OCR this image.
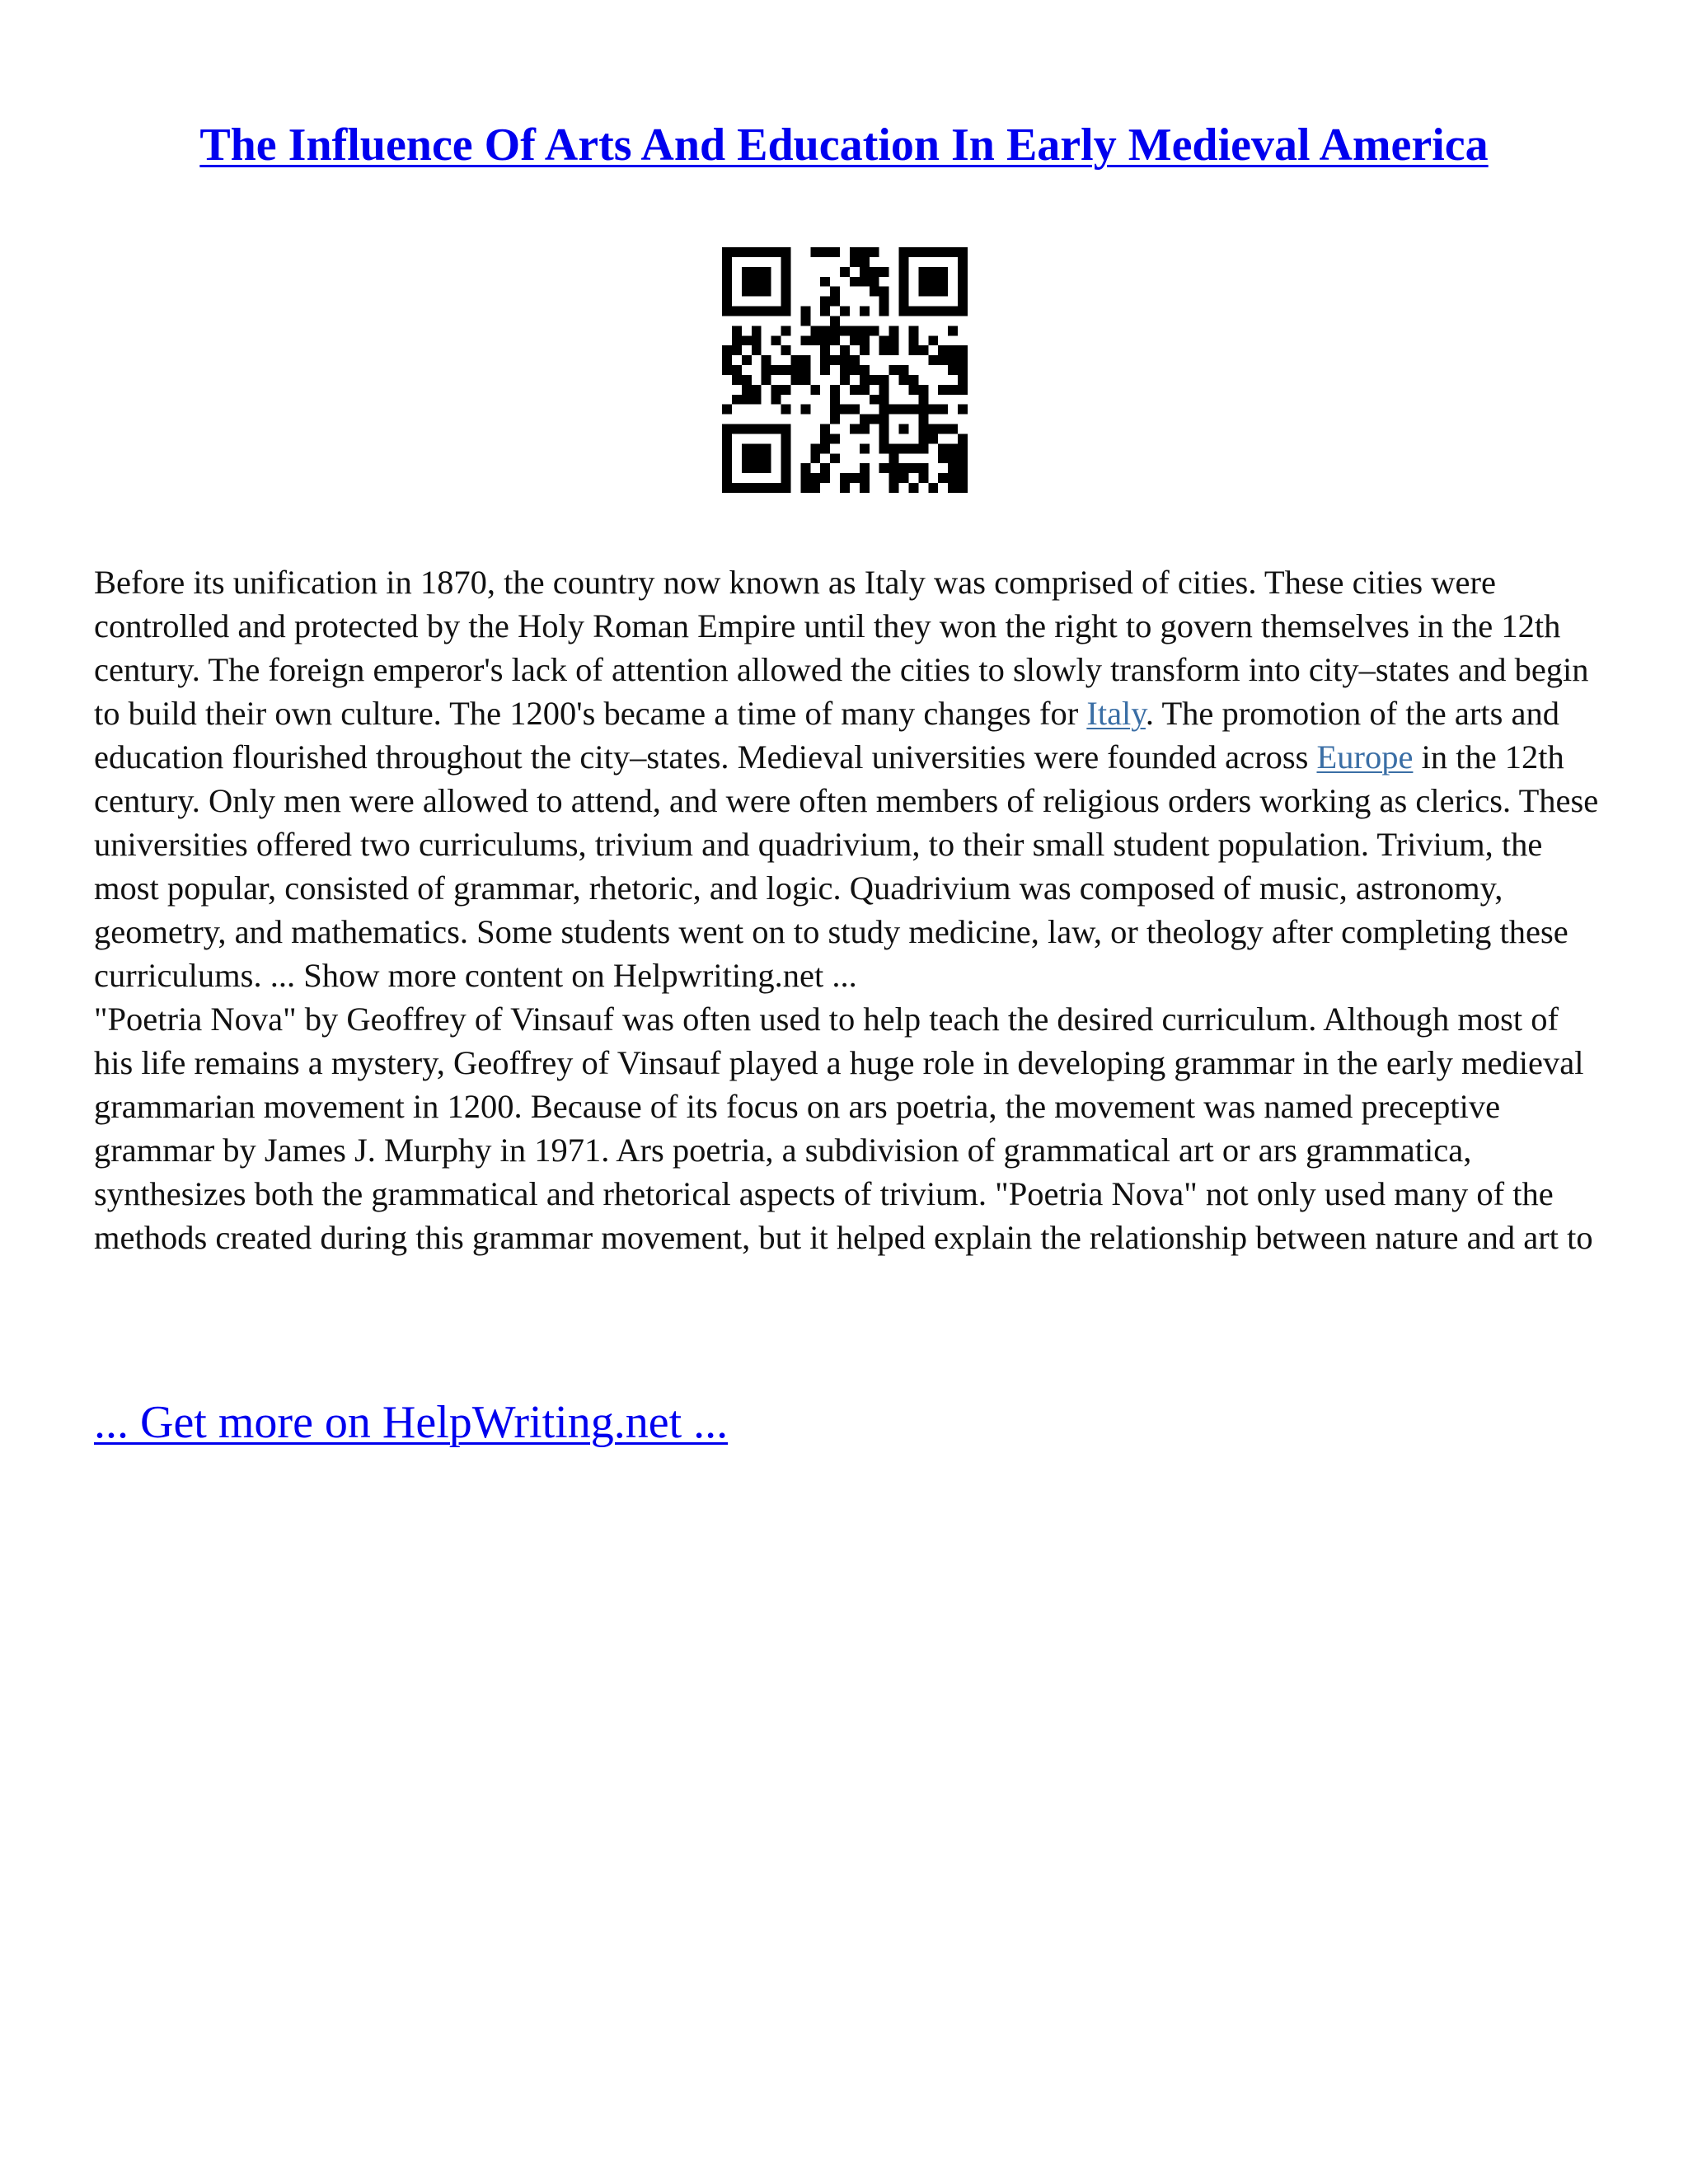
The Influence Of Arts And Education In Early Medieval America

Before its unification in 1870, the country now known as Italy was comprised of cities. These cities were controlled and protected by the Holy Roman Empire until they won the right to govern themselves in the 12th century. The foreign emperor's lack of attention allowed the cities to slowly transform into city–states and begin to build their own culture. The 1200's became a time of many changes for Italy. The promotion of the arts and education flourished throughout the city–states. Medieval universities were founded across Europe in the 12th century. Only men were allowed to attend, and were often members of religious orders working as clerics. These universities offered two curriculums, trivium and quadrivium, to their small student population. Trivium, the most popular, consisted of grammar, rhetoric, and logic. Quadrivium was composed of music, astronomy, geometry, and mathematics. Some students went on to study medicine, law, or theology after completing these curriculums. ... Show more content on Helpwriting.net ...

"Poetria Nova" by Geoffrey of Vinsauf was often used to help teach the desired curriculum. Although most of his life remains a mystery, Geoffrey of Vinsauf played a huge role in developing grammar in the early medieval grammarian movement in 1200. Because of its focus on ars poetria, the movement was named preceptive grammar by James J. Murphy in 1971. Ars poetria, a subdivision of grammatical art or ars grammatica, synthesizes both the grammatical and rhetorical aspects of trivium. "Poetria Nova" not only used many of the methods created during this grammar movement, but it helped explain the relationship between nature and art to

... Get more on HelpWriting.net ...
